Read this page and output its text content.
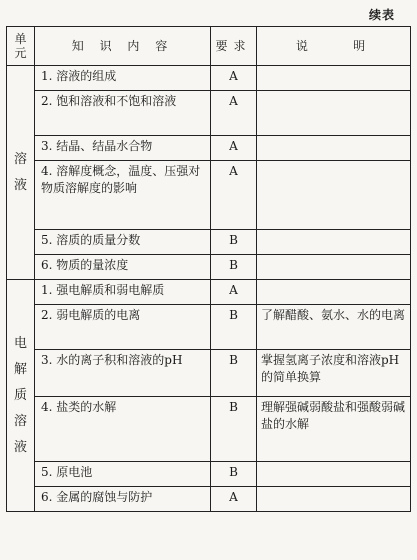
续表
单元	知 识 内 容	要求	说    明
溶液	1. 溶液的组成	A	
	2. 饱和溶液和不饱和溶液	A	
	3. 结晶、结晶水合物	A	
	4. 溶解度概念，温度、压强对物质溶解度的影响	A	
	5. 溶质的质量分数	B	
	6. 物质的量浓度	B	
电解质溶液	1. 强电解质和弱电解质	A	
	2. 弱电解质的电离	B	了解醋酸、氨水、水的电离
	3. 水的离子积和溶液的pH	B	掌握氢离子浓度和溶液pH的简单换算
	4. 盐类的水解	B	理解强碱弱酸盐和强酸弱碱盐的水解
	5. 原电池	B	
	6. 金属的腐蚀与防护	A	
